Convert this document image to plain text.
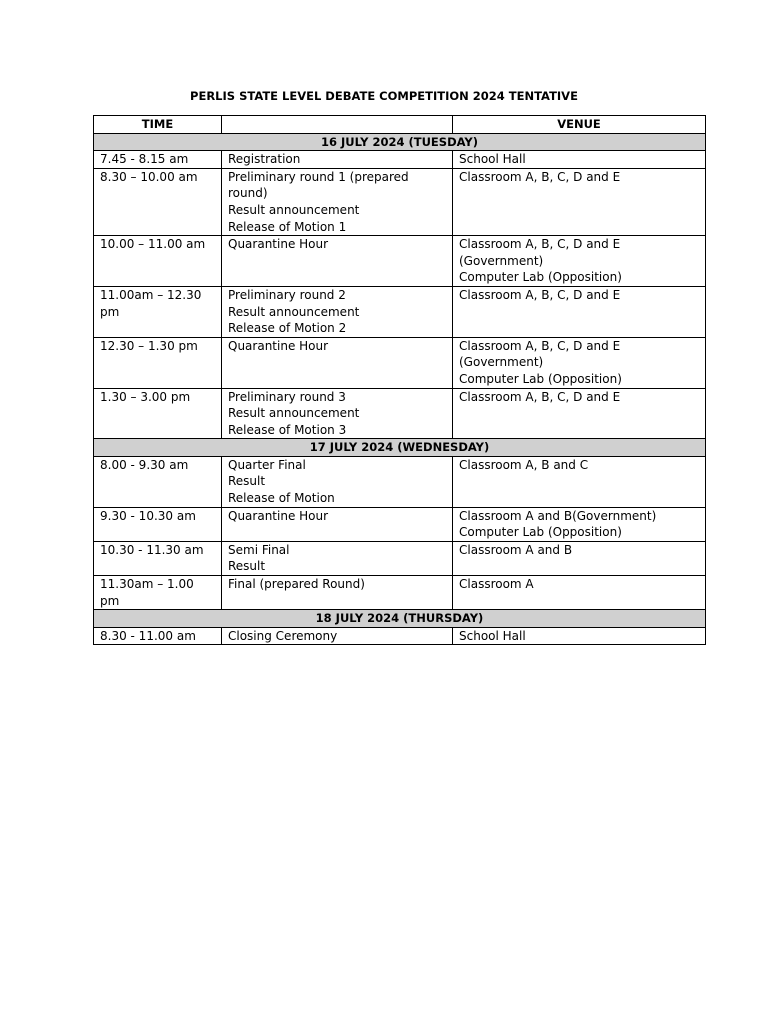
PERLIS STATE LEVEL DEBATE COMPETITION 2024 TENTATIVE
TIME		VENUE
16 JULY 2024 (TUESDAY)		
7.45 - 8.15 am	Registration	School Hall

8.30 – 10.00 am	Preliminary round 1 (prepared round)
Result announcement
Release of Motion 1	Classroom A, B, C, D and E

10.00 – 11.00 am	Quarantine Hour	Classroom A, B, C, D and E (Government)
Computer Lab (Opposition)

11.00am – 12.30 pm	Preliminary round 2
Result announcement
Release of Motion 2	Classroom A, B, C, D and E

12.30 – 1.30 pm	Quarantine Hour	Classroom A, B, C, D and E (Government)
Computer Lab (Opposition)

1.30 – 3.00 pm	Preliminary round 3
Result announcement
Release of Motion 3	Classroom A, B, C, D and E

17 JULY 2024 (WEDNESDAY)		
8.00 - 9.30 am	Quarter Final
Result
Release of Motion	Classroom A, B and C

9.30 - 10.30 am	Quarantine Hour	Classroom A and B(Government)
Computer Lab (Opposition)

10.30 - 11.30 am	Semi Final
Result	Classroom A and B

11.30am – 1.00 pm	Final (prepared Round)	Classroom A

18 JULY 2024 (THURSDAY)		
8.30 - 11.00 am	Closing Ceremony	School Hall
